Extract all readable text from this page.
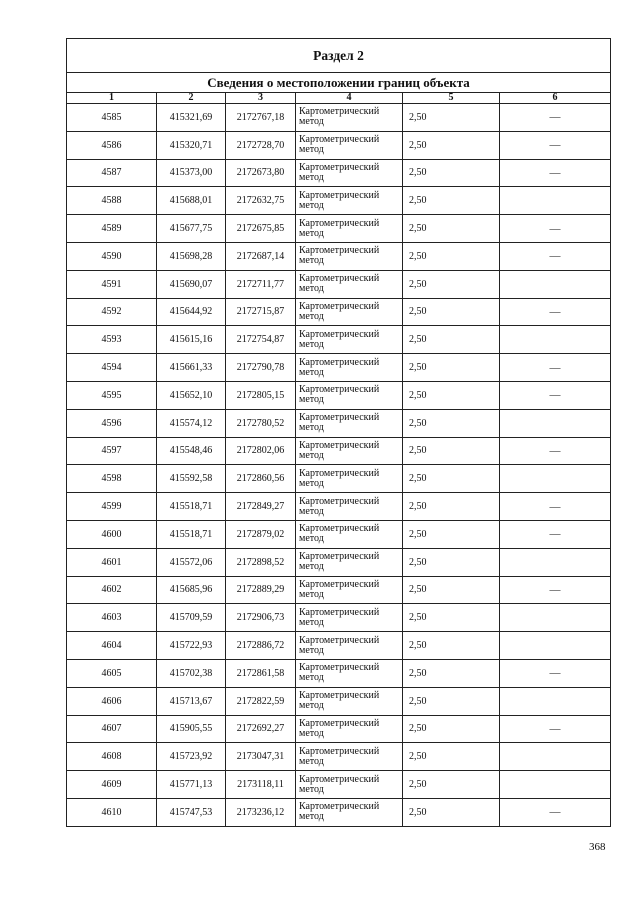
Раздел 2					
Сведения о местоположении границ объекта					
1	2	3	4	5	6
4585	415321,69	2172767,18	Картометрический
метод	2,50	—
4586	415320,71	2172728,70	Картометрический
метод	2,50	—
4587	415373,00	2172673,80	Картометрический
метод	2,50	—
4588	415688,01	2172632,75	Картометрический
метод	2,50	
4589	415677,75	2172675,85	Картометрический
метод	2,50	—
4590	415698,28	2172687,14	Картометрический
метод	2,50	—
4591	415690,07	2172711,77	Картометрический
метод	2,50	
4592	415644,92	2172715,87	Картометрический
метод	2,50	—
4593	415615,16	2172754,87	Картометрический
метод	2,50	
4594	415661,33	2172790,78	Картометрический
метод	2,50	—
4595	415652,10	2172805,15	Картометрический
метод	2,50	—
4596	415574,12	2172780,52	Картометрический
метод	2,50	
4597	415548,46	2172802,06	Картометрический
метод	2,50	—
4598	415592,58	2172860,56	Картометрический
метод	2,50	
4599	415518,71	2172849,27	Картометрический
метод	2,50	—
4600	415518,71	2172879,02	Картометрический
метод	2,50	—
4601	415572,06	2172898,52	Картометрический
метод	2,50	
4602	415685,96	2172889,29	Картометрический
метод	2,50	—
4603	415709,59	2172906,73	Картометрический
метод	2,50	
4604	415722,93	2172886,72	Картометрический
метод	2,50	
4605	415702,38	2172861,58	Картометрический
метод	2,50	—
4606	415713,67	2172822,59	Картометрический
метод	2,50	
4607	415905,55	2172692,27	Картометрический
метод	2,50	—
4608	415723,92	2173047,31	Картометрический
метод	2,50	
4609	415771,13	2173118,11	Картометрический
метод	2,50	
4610	415747,53	2173236,12	Картометрический
метод	2,50	—
368
